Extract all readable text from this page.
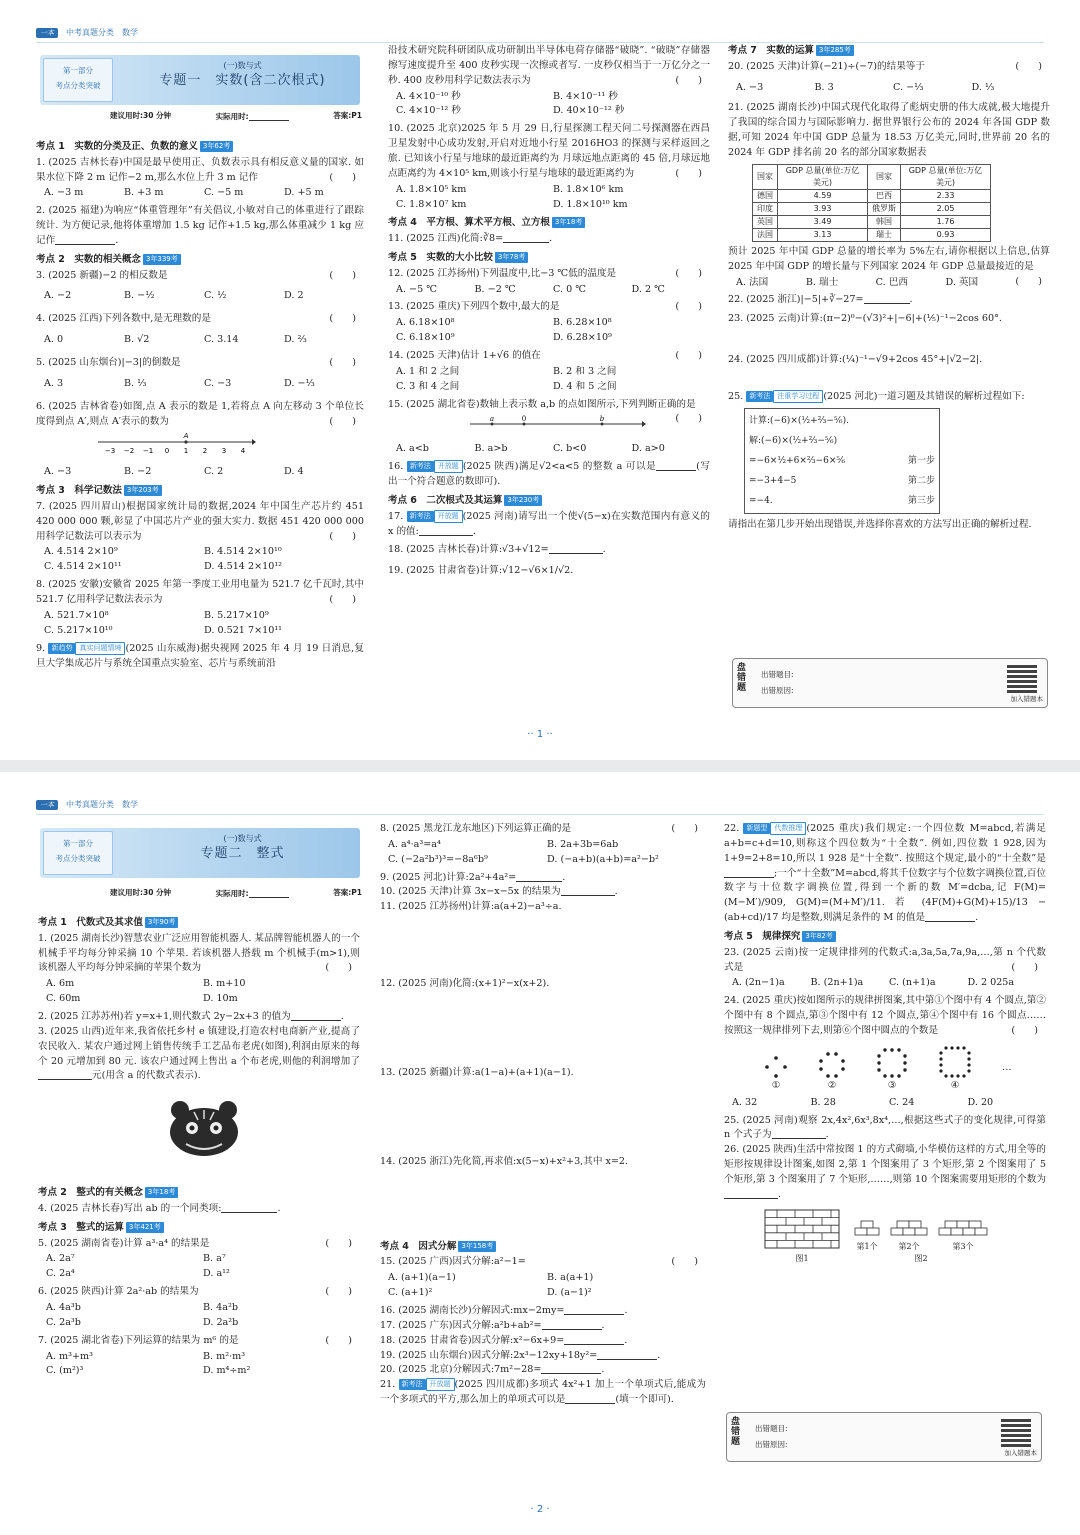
一本	中考真题分类 数学
第一部分
考点分类突破
(一)数与式
专题一　实数(含二次根式)
建议用时:30 分钟	实际用时:	答案:P1
考点 1　实数的分类及正、负数的意义 3年62考

1. (2025 吉林长春)中国是最早使用正、负数表示具有相反意义量的国家. 如果水位下降 2 m 记作−2 m,那么水位上升 3 m 记作	(　　)

A. −3 m	B. +3 m	C. −5 m	D. +5 m

2. (2025 福建)为响应“体重管理年”有关倡议,小敏对自己的体重进行了跟踪统计. 为方便记录,他将体重增加 1.5 kg 记作+1.5 kg,那么体重减少 1 kg 应记作	.

考点 2　实数的相关概念 3年339考

3. (2025 新疆)−2 的相反数是	(　　)

A. −2	B. −½	C. ½	D. 2

4. (2025 江西)下列各数中,是无理数的是	(　　)

A. 0	B. √2	C. 3.14	D. ⅔

5. (2025 山东烟台)|−3|的倒数是	(　　)

A. 3	B. ⅓	C. −3	D. −⅓

6. (2025 吉林省卷)如图,点 A 表示的数是 1,若将点 A 向左移动 3 个单位长度得到点 A′,则点 A′表示的数为	(　　)

−3 −2 −1 0 1 2 3 4
A
A. −3	B. −2	C. 2	D. 4
考点 3　科学记数法 3年203考

7. (2025 四川眉山)根据国家统计局的数据,2024 年中国生产芯片约 451 420 000 000 颗,彰显了中国芯片产业的强大实力. 数据 451 420 000 000 用科学记数法可以表示为	(　　)

A. 4.514 2×10⁹	B. 4.514 2×10¹⁰
C. 4.514 2×10¹¹	D. 4.514 2×10¹²

8. (2025 安徽)安徽省 2025 年第一季度工业用电量为 521.7 亿千瓦时,其中 521.7 亿用科学记数法表示为	(　　)

A. 521.7×10⁸	B. 5.217×10⁹
C. 5.217×10¹⁰	D. 0.521 7×10¹¹

9. 新趋势 真实问题情境 (2025 山东威海)据央视网 2025 年 4 月 19 日消息,复旦大学集成芯片与系统全国重点实验室、芯片与系统前沿

沿技术研究院科研团队成功研制出半导体电荷存储器“破晓”. “破晓”存储器擦写速度提升至 400 皮秒实现一次擦或者写. 一皮秒仅相当于一万亿分之一秒. 400 皮秒用科学记数法表示为	(　　)

A. 4×10⁻¹⁰ 秒	B. 4×10⁻¹¹ 秒
C. 4×10⁻¹² 秒	D. 40×10⁻¹² 秒

10. (2025 北京)2025 年 5 月 29 日,行星探测工程天问二号探测器在西昌卫星发射中心成功发射,开启对近地小行星 2016HO3 的探测与采样返回之旅. 已知该小行星与地球的最近距离约为 月球远地点距离的 45 倍,月球远地点距离约为 4×10⁵ km,则该小行星与地球的最近距离约为	(　　)

A. 1.8×10⁵ km	B. 1.8×10⁶ km
C. 1.8×10⁷ km	D. 1.8×10¹⁰ km
考点 4　平方根、算术平方根、立方根 3年18考

11. (2025 江西)化简:∛8=	.

考点 5　实数的大小比较 3年78考

12. (2025 江苏扬州)下列温度中,比−3 ℃低的温度是	(　　)

A. −5 ℃	B. −2 ℃	C. 0 ℃	D. 2 ℃

13. (2025 重庆)下列四个数中,最大的是	(　　)

A. 6.18×10⁸	B. 6.28×10⁸
C. 6.18×10⁹	D. 6.28×10⁹

14. (2025 天津)估计 1+√6 的值在	(　　)

A. 1 和 2 之间	B. 2 和 3 之间
C. 3 和 4 之间	D. 4 和 5 之间

15. (2025 湖北省卷)数轴上表示数 a,b 的点如图所示,下列判断正确的是
(　　)

a	0	b
A. a<b	B. a>b	C. b<0	D. a>0

16. 新考法 开放题 (2025 陕西)满足√2<a<5 的整数 a 可以是	(写出一个符合题意的数即可).

考点 6　二次根式及其运算 3年230考

17. 新考法 开放题 (2025 河南)请写出一个使√(5−x)在实数范围内有意义的 x 的值:	.

18. (2025 吉林长春)计算:√3+√12=	.

19. (2025 甘肃省卷)计算:√12−√6×1/√2.

考点 7　实数的运算 3年285考

20. (2025 天津)计算(−21)÷(−7)的结果等于	(　　)

A. −3	B. 3	C. −⅓	D. ⅓

21. (2025 湖南长沙)中国式现代化取得了彪炳史册的伟大成就,极大地提升了我国的综合国力与国际影响力. 据世界银行公布的 2024 年各国 GDP 数据,可知 2024 年中国 GDP 总量为 18.53 万亿美元,同时,世界前 20 名的 2024 年 GDP 排名前 20 名的部分国家数据表

国家	GDP 总量(单位:万亿美元)	国家	GDP 总量(单位:万亿美元)
德国	4.59	巴西	2.33
印度	3.93	俄罗斯	2.05
英国	3.49	韩国	1.76
法国	3.13	瑞士	0.93

预计 2025 年中国 GDP 总量的增长率为 5%左右,请你根据以上信息,估算 2025 年中国 GDP 的增长量与下列国家 2024 年 GDP 总量最接近的是
(　　)

A. 法国	B. 瑞士	C. 巴西	D. 英国

22. (2025 浙江)|−5|+∛−27=	.

23. (2025 云南)计算:(π−2)⁰−(√3)²+|−6|+(⅕)⁻¹−2cos 60°.

24. (2025 四川成都)计算:(¼)⁻¹−√9+2cos 45°+|√2−2|.

25. 新考法 注重学习过程 (2025 河北)一道习题及其错误的解析过程如下:

计算:(−6)×(½+⅔−⁵⁄₆).
解:(−6)×(½+⅔−⁵⁄₆)
=−6×½+6×⅔−6×⁵⁄₆	第一步
=−3+4−5	第二步
=−4.	第三步

请指出在第几步开始出现错误,并选择你喜欢的方法写出正确的解析过程.

盘错题
出错题目:
出错原因:
加入错题本
·· 1 ··
一本	中考真题分类 数学
第一部分
考点分类突破
(一)数与式
专题二　整式
建议用时:30 分钟	实际用时:	答案:P1
考点 1　代数式及其求值 3年90考

1. (2025 湖南长沙)智慧农业广泛应用智能机器人. 某品牌智能机器人的一个机械手平均每分钟采摘 10 个苹果. 若该机器人搭载 m 个机械手(m>1),则该机器人平均每分钟采摘的苹果个数为	(　　)

A. 6m	B. m+10
C. 60m	D. 10m

2. (2025 江苏苏州)若 y=x+1,则代数式 2y−2x+3 的值为	.

3. (2025 山西)近年来,我省依托乡村 e 镇建设,打造农村电商新产业,提高了农民收入. 某农户通过网上销售传统手工艺品布老虎(如图),利润由原来的每个 20 元增加到 80 元. 该农户通过网上售出 a 个布老虎,则他的利润增加了元(用含 a 的代数式表示).

考点 2　整式的有关概念 3年18考

4. (2025 吉林长春)写出 ab 的一个同类项:	.

考点 3　整式的运算 3年421考

5. (2025 湖南省卷)计算 a³·a⁴ 的结果是	(　　)

A. 2a⁷	B. a⁷
C. 2a⁴	D. a¹²

6. (2025 陕西)计算 2a²·ab 的结果为	(　　)

A. 4a³b	B. 4a²b
C. 2a³b	D. 2a²b

7. (2025 湖北省卷)下列运算的结果为 m⁶ 的是	(　　)

A. m³+m³	B. m²·m³
C. (m²)³	D. m⁴÷m²

8. (2025 黑龙江龙东地区)下列运算正确的是	(　　)

A. a⁴·a³=a⁴	B. 2a+3b=6ab
C. (−2a²b³)³=−8a⁶b⁹	D. (−a+b)(a+b)=a²−b²

9. (2025 河北)计算:2a²+4a²=	.

10. (2025 天津)计算 3x−x−5x 的结果为	.

11. (2025 江苏扬州)计算:a(a+2)−a³÷a.

12. (2025 河南)化简:(x+1)²−x(x+2).

13. (2025 新疆)计算:a(1−a)+(a+1)(a−1).

14. (2025 浙江)先化简,再求值:x(5−x)+x²+3,其中 x=2.

考点 4　因式分解 3年158考

15. (2025 广西)因式分解:a²−1=	(　　)

A. (a+1)(a−1)	B. a(a+1)
C. (a+1)²	D. (a−1)²

16. (2025 湖南长沙)分解因式:mx−2my=	.

17. (2025 广东)因式分解:a²b+ab²=	.

18. (2025 甘肃省卷)因式分解:x²−6x+9=	.

19. (2025 山东烟台)因式分解:2x³−12xy+18y²=	.

20. (2025 北京)分解因式:7m²−28=	.

21. 新考法 开放题 (2025 四川成都)多项式 4x²+1 加上一个单项式后,能成为一个多项式的平方,那么加上的单项式可以是	(填一个即可).

22. 新题型 代数推理 (2025 重庆)我们规定:一个四位数 M=abcd,若满足 a+b=c+d=10,则称这个四位数为“十全数”. 例如,四位数 1 928,因为 1+9=2+8=10,所以 1 928 是“十全数”. 按照这个规定,最小的“十全数”是;一个“十全数”M=abcd,将其千位数字与个位数字调换位置,百位数字与十位数字调换位置,得到一个新的数 M′=dcba,记 F(M)=(M−M′)/909, G(M)=(M+M′)/11. 若 (4F(M)+G(M)+15)/13 − (ab+cd)/17 均是整数,则满足条件的 M 的值是	.

考点 5　规律探究 3年82考

23. (2025 云南)按一定规律排列的代数式:a,3a,5a,7a,9a,…,第 n 个代数式是	(　　)

A. (2n−1)a	B. (2n+1)a	C. (n+1)a	D. 2 025a

24. (2025 重庆)按如图所示的规律拼图案,其中第①个图中有 4 个圆点,第②个图中有 8 个圆点,第③个图中有 12 个圆点,第④个图中有 16 个圆点……按照这一规律排列下去,则第⑥个图中圆点的个数是	(　　)

①	②	③	④
…
A. 32	B. 28	C. 24	D. 20

25. (2025 河南)观察 2x,4x²,6x³,8x⁴,…,根据这些式子的变化规律,可得第 n 个式子为	.

26. (2025 陕西)生活中常按图 1 的方式砌墙,小华模仿这样的方式,用全等的矩形按规律设计图案,如图 2,第 1 个图案用了 3 个矩形,第 2 个图案用了 5 个矩形,第 3 个图案用了 7 个矩形,……,则第 10 个图案需要用矩形的个数为.

图1
第1个	第2个	第3个
图2
盘错题
出错题目:
出错原因:
加入错题本
· 2 ·
